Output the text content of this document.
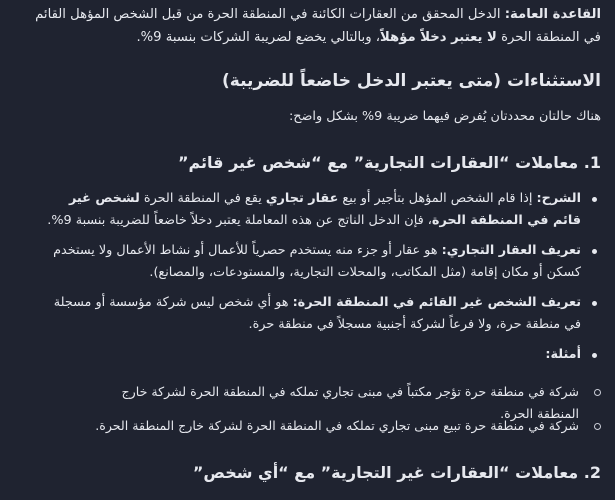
القاعدة العامة: الدخل المحقق من العقارات الكائنة في المنطقة الحرة من قبل الشخص المؤهل القائم في المنطقة الحرة لا يعتبر دخلاً مؤهلاً، وبالتالي يخضع لضريبة الشركات بنسبة 9%.

الاستثناءات (متى يعتبر الدخل خاضعاً للضريبة)

هناك حالتان محددتان يُفرض فيهما ضريبة 9% بشكل واضح:

1. معاملات “العقارات التجارية” مع “شخص غير قائم”
الشرح: إذا قام الشخص المؤهل بتأجير أو بيع عقار تجاري يقع في المنطقة الحرة لشخص غير قائم في المنطقة الحرة، فإن الدخل الناتج عن هذه المعاملة يعتبر دخلاً خاضعاً للضريبة بنسبة 9%.
تعريف العقار التجاري: هو عقار أو جزء منه يستخدم حصرياً للأعمال أو نشاط الأعمال ولا يستخدم كسكن أو مكان إقامة (مثل المكاتب، والمحلات التجارية، والمستودعات، والمصانع).
تعريف الشخص غير القائم في المنطقة الحرة: هو أي شخص ليس شركة مؤسسة أو مسجلة في منطقة حرة، ولا فرعاً لشركة أجنبية مسجلاً في منطقة حرة.
أمثلة:
شركة في منطقة حرة تؤجر مكتباً في مبنى تجاري تملكه في المنطقة الحرة لشركة خارج المنطقة الحرة.
شركة في منطقة حرة تبيع مبنى تجاري تملكه في المنطقة الحرة لشركة خارج المنطقة الحرة.
2. معاملات “العقارات غير التجارية” مع “أي شخص”
